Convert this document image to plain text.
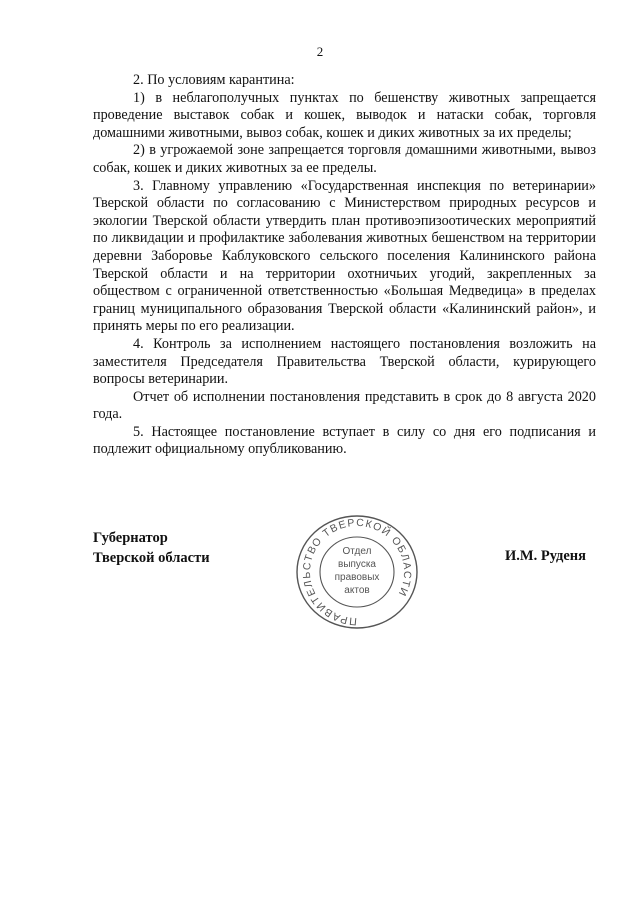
2

2. По условиям карантина:

1) в неблагополучных пунктах по бешенству животных запрещается проведение выставок собак и кошек, выводок и натаски собак, торговля домашними животными, вывоз собак, кошек и диких животных за их пределы;

2) в угрожаемой зоне запрещается торговля домашними животными, вывоз собак, кошек и диких животных за ее пределы.

3. Главному управлению «Государственная инспекция по ветеринарии» Тверской области по согласованию с Министерством природных ресурсов и экологии Тверской области утвердить план противоэпизоотических мероприятий по ликвидации и профилактике заболевания животных бешенством на территории деревни Заборовье Каблуковского сельского поселения Калининского района Тверской области и на территории охотничьих угодий, закрепленных за обществом с ограниченной ответственностью «Большая Медведица» в пределах границ муниципального образования Тверской области «Калининский район», и принять меры по его реализации.

4. Контроль за исполнением настоящего постановления возложить на заместителя Председателя Правительства Тверской области, курирующего вопросы ветеринарии.

Отчет об исполнении постановления представить в срок до 8 августа 2020 года.

5. Настоящее постановление вступает в силу со дня его подписания и подлежит официальному опубликованию.

Губернатор
Тверской области
ПРАВИТЕЛЬСТВО ТВЕРСКОЙ ОБЛАСТИ
Отдел
выпуска
правовых
актов
И.М. Руденя
